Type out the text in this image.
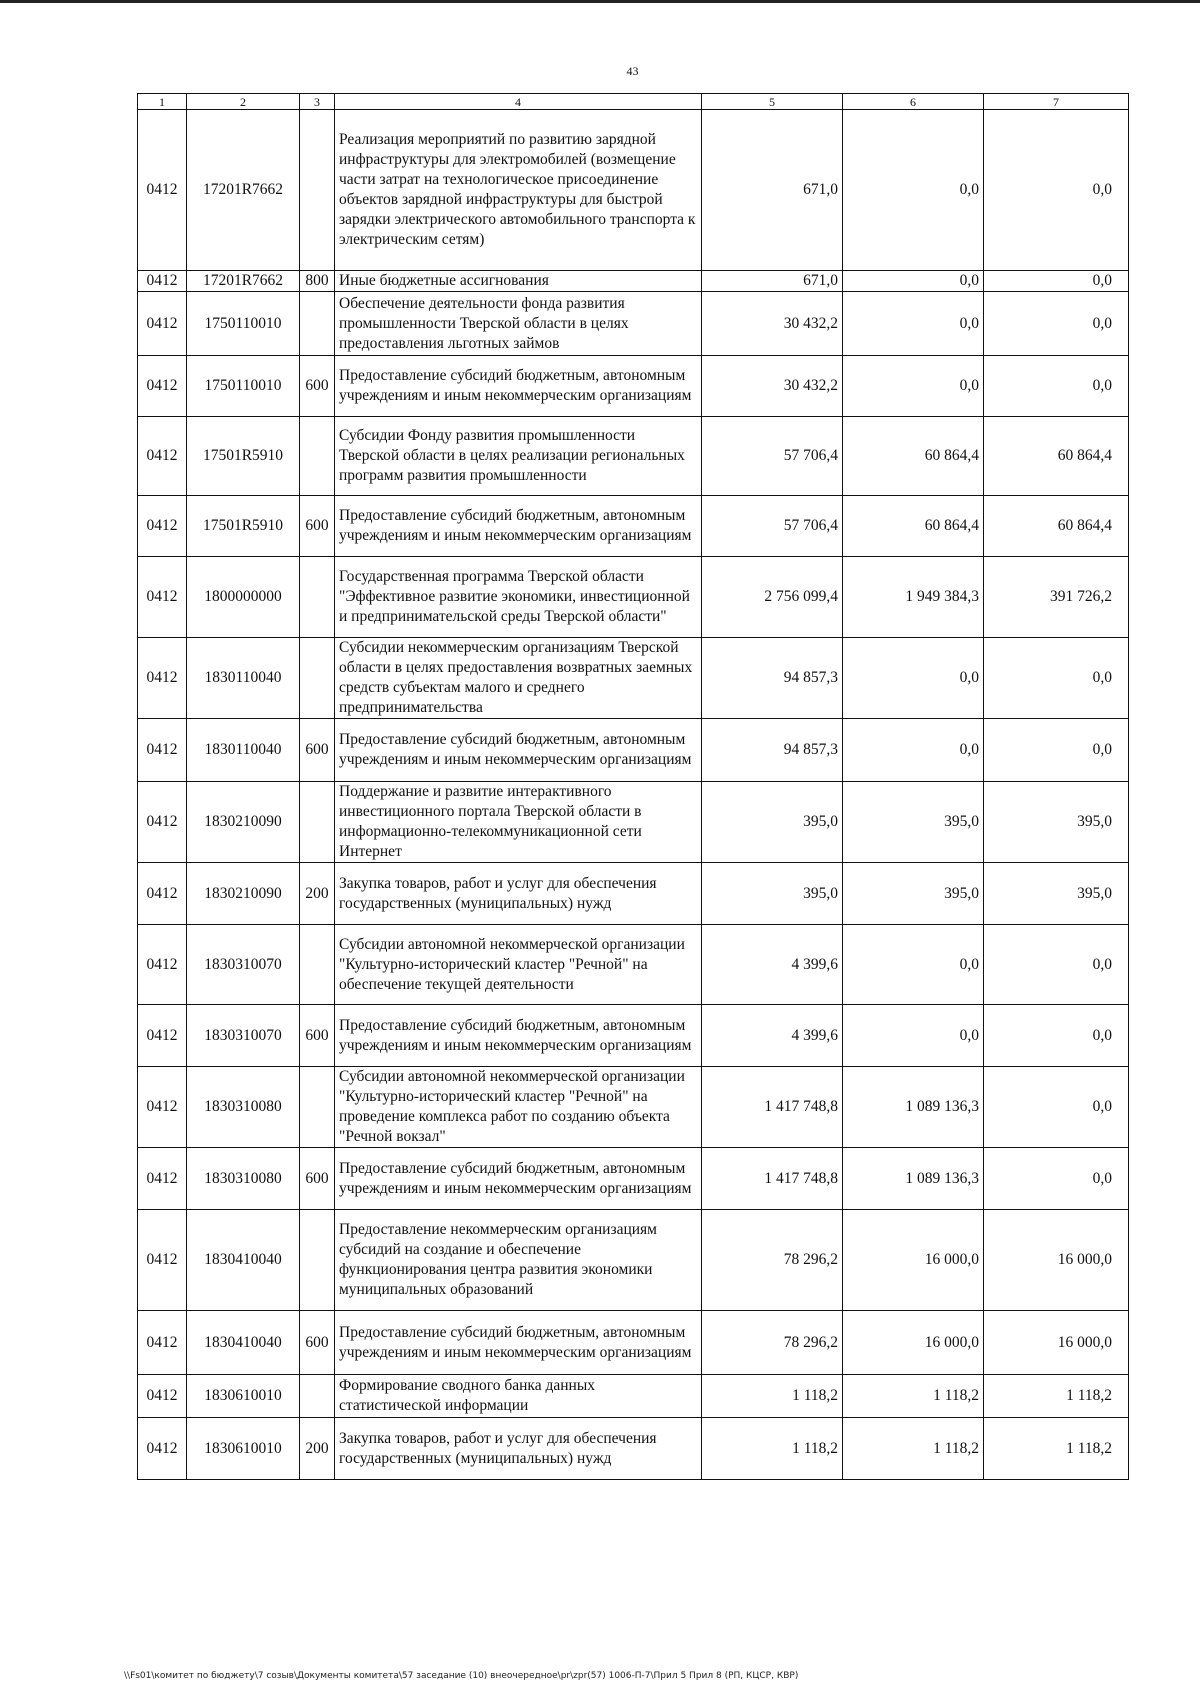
43
1	2	3	4	5	6	7
0412	17201R7662		Реализация мероприятий по развитию зарядной инфраструктуры для электромобилей (возмещение части затрат на технологическое присоединение объектов зарядной инфраструктуры для быстрой зарядки электрического автомобильного транспорта к электрическим сетям)	671,0	0,0	0,0
0412	17201R7662	800	Иные бюджетные ассигнования	671,0	0,0	0,0
0412	1750110010		Обеспечение деятельности фонда развития промышленности Тверской области в целях предоставления льготных займов	30 432,2	0,0	0,0
0412	1750110010	600	Предоставление субсидий бюджетным, автономным учреждениям и иным некоммерческим организациям	30 432,2	0,0	0,0
0412	17501R5910		Субсидии Фонду развития промышленности Тверской области в целях реализации региональных программ развития промышленности	57 706,4	60 864,4	60 864,4
0412	17501R5910	600	Предоставление субсидий бюджетным, автономным учреждениям и иным некоммерческим организациям	57 706,4	60 864,4	60 864,4
0412	1800000000		Государственная программа Тверской области "Эффективное развитие экономики, инвестиционной и предпринимательской среды Тверской области"	2 756 099,4	1 949 384,3	391 726,2
0412	1830110040		Субсидии некоммерческим организациям Тверской области в целях предоставления возвратных заемных средств субъектам малого и среднего предпринимательства	94 857,3	0,0	0,0
0412	1830110040	600	Предоставление субсидий бюджетным, автономным учреждениям и иным некоммерческим организациям	94 857,3	0,0	0,0
0412	1830210090		Поддержание и развитие интерактивного инвестиционного портала Тверской области в информационно-телекоммуникационной сети Интернет	395,0	395,0	395,0
0412	1830210090	200	Закупка товаров, работ и услуг для обеспечения государственных (муниципальных) нужд	395,0	395,0	395,0
0412	1830310070		Субсидии автономной некоммерческой организации "Культурно-исторический кластер "Речной" на обеспечение текущей деятельности	4 399,6	0,0	0,0
0412	1830310070	600	Предоставление субсидий бюджетным, автономным учреждениям и иным некоммерческим организациям	4 399,6	0,0	0,0
0412	1830310080		Субсидии автономной некоммерческой организации "Культурно-исторический кластер "Речной" на проведение комплекса работ по созданию объекта "Речной вокзал"	1 417 748,8	1 089 136,3	0,0
0412	1830310080	600	Предоставление субсидий бюджетным, автономным учреждениям и иным некоммерческим организациям	1 417 748,8	1 089 136,3	0,0
0412	1830410040		Предоставление некоммерческим организациям субсидий на создание и обеспечение функционирования центра развития экономики муниципальных образований	78 296,2	16 000,0	16 000,0
0412	1830410040	600	Предоставление субсидий бюджетным, автономным учреждениям и иным некоммерческим организациям	78 296,2	16 000,0	16 000,0
0412	1830610010		Формирование сводного банка данных статистической информации	1 118,2	1 118,2	1 118,2
0412	1830610010	200	Закупка товаров, работ и услуг для обеспечения государственных (муниципальных) нужд	1 118,2	1 118,2	1 118,2
\\Fs01\комитет по бюджету\7 созыв\Документы комитета\57 заседание (10) внеочередное\pr\zpr(57) 1006-П-7\Прил 5 Прил 8 (РП, КЦСР, КВР)
